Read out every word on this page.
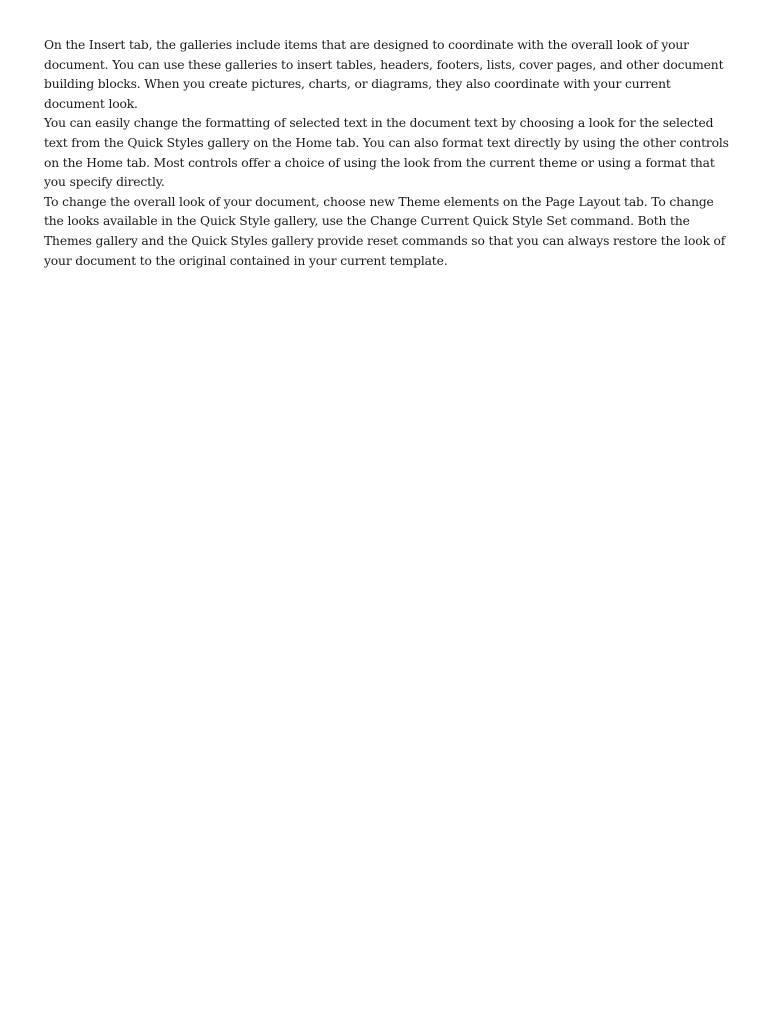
On the Insert tab, the galleries include items that are designed to coordinate with the overall look of your document. You can use these galleries to insert tables, headers, footers, lists, cover pages, and other document building blocks. When you create pictures, charts, or diagrams, they also coordinate with your current document look.

You can easily change the formatting of selected text in the document text by choosing a look for the selected text from the Quick Styles gallery on the Home tab. You can also format text directly by using the other controls on the Home tab. Most controls offer a choice of using the look from the current theme or using a format that you specify directly.

To change the overall look of your document, choose new Theme elements on the Page Layout tab. To change the looks available in the Quick Style gallery, use the Change Current Quick Style Set command. Both the Themes gallery and the Quick Styles gallery provide reset commands so that you can always restore the look of your document to the original contained in your current template.
